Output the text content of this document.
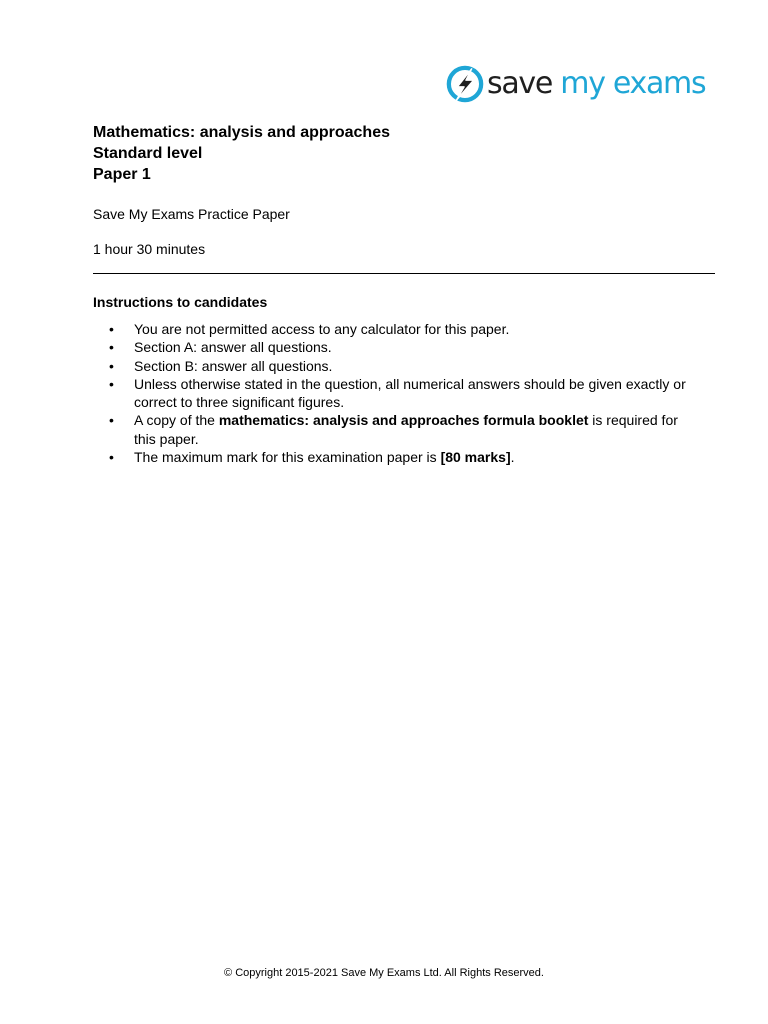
save my exams

Mathematics: analysis and approaches

Standard level

Paper 1

Save My Exams Practice Paper

1 hour 30 minutes

Instructions to candidates

• You are not permitted access to any calculator for this paper.
• Section A: answer all questions.
• Section B: answer all questions.
• Unless otherwise stated in the question, all numerical answers should be given exactly or correct to three significant figures.
• A copy of the mathematics: analysis and approaches formula booklet is required for this paper.
• The maximum mark for this examination paper is [80 marks].

© Copyright 2015-2021 Save My Exams Ltd. All Rights Reserved.
